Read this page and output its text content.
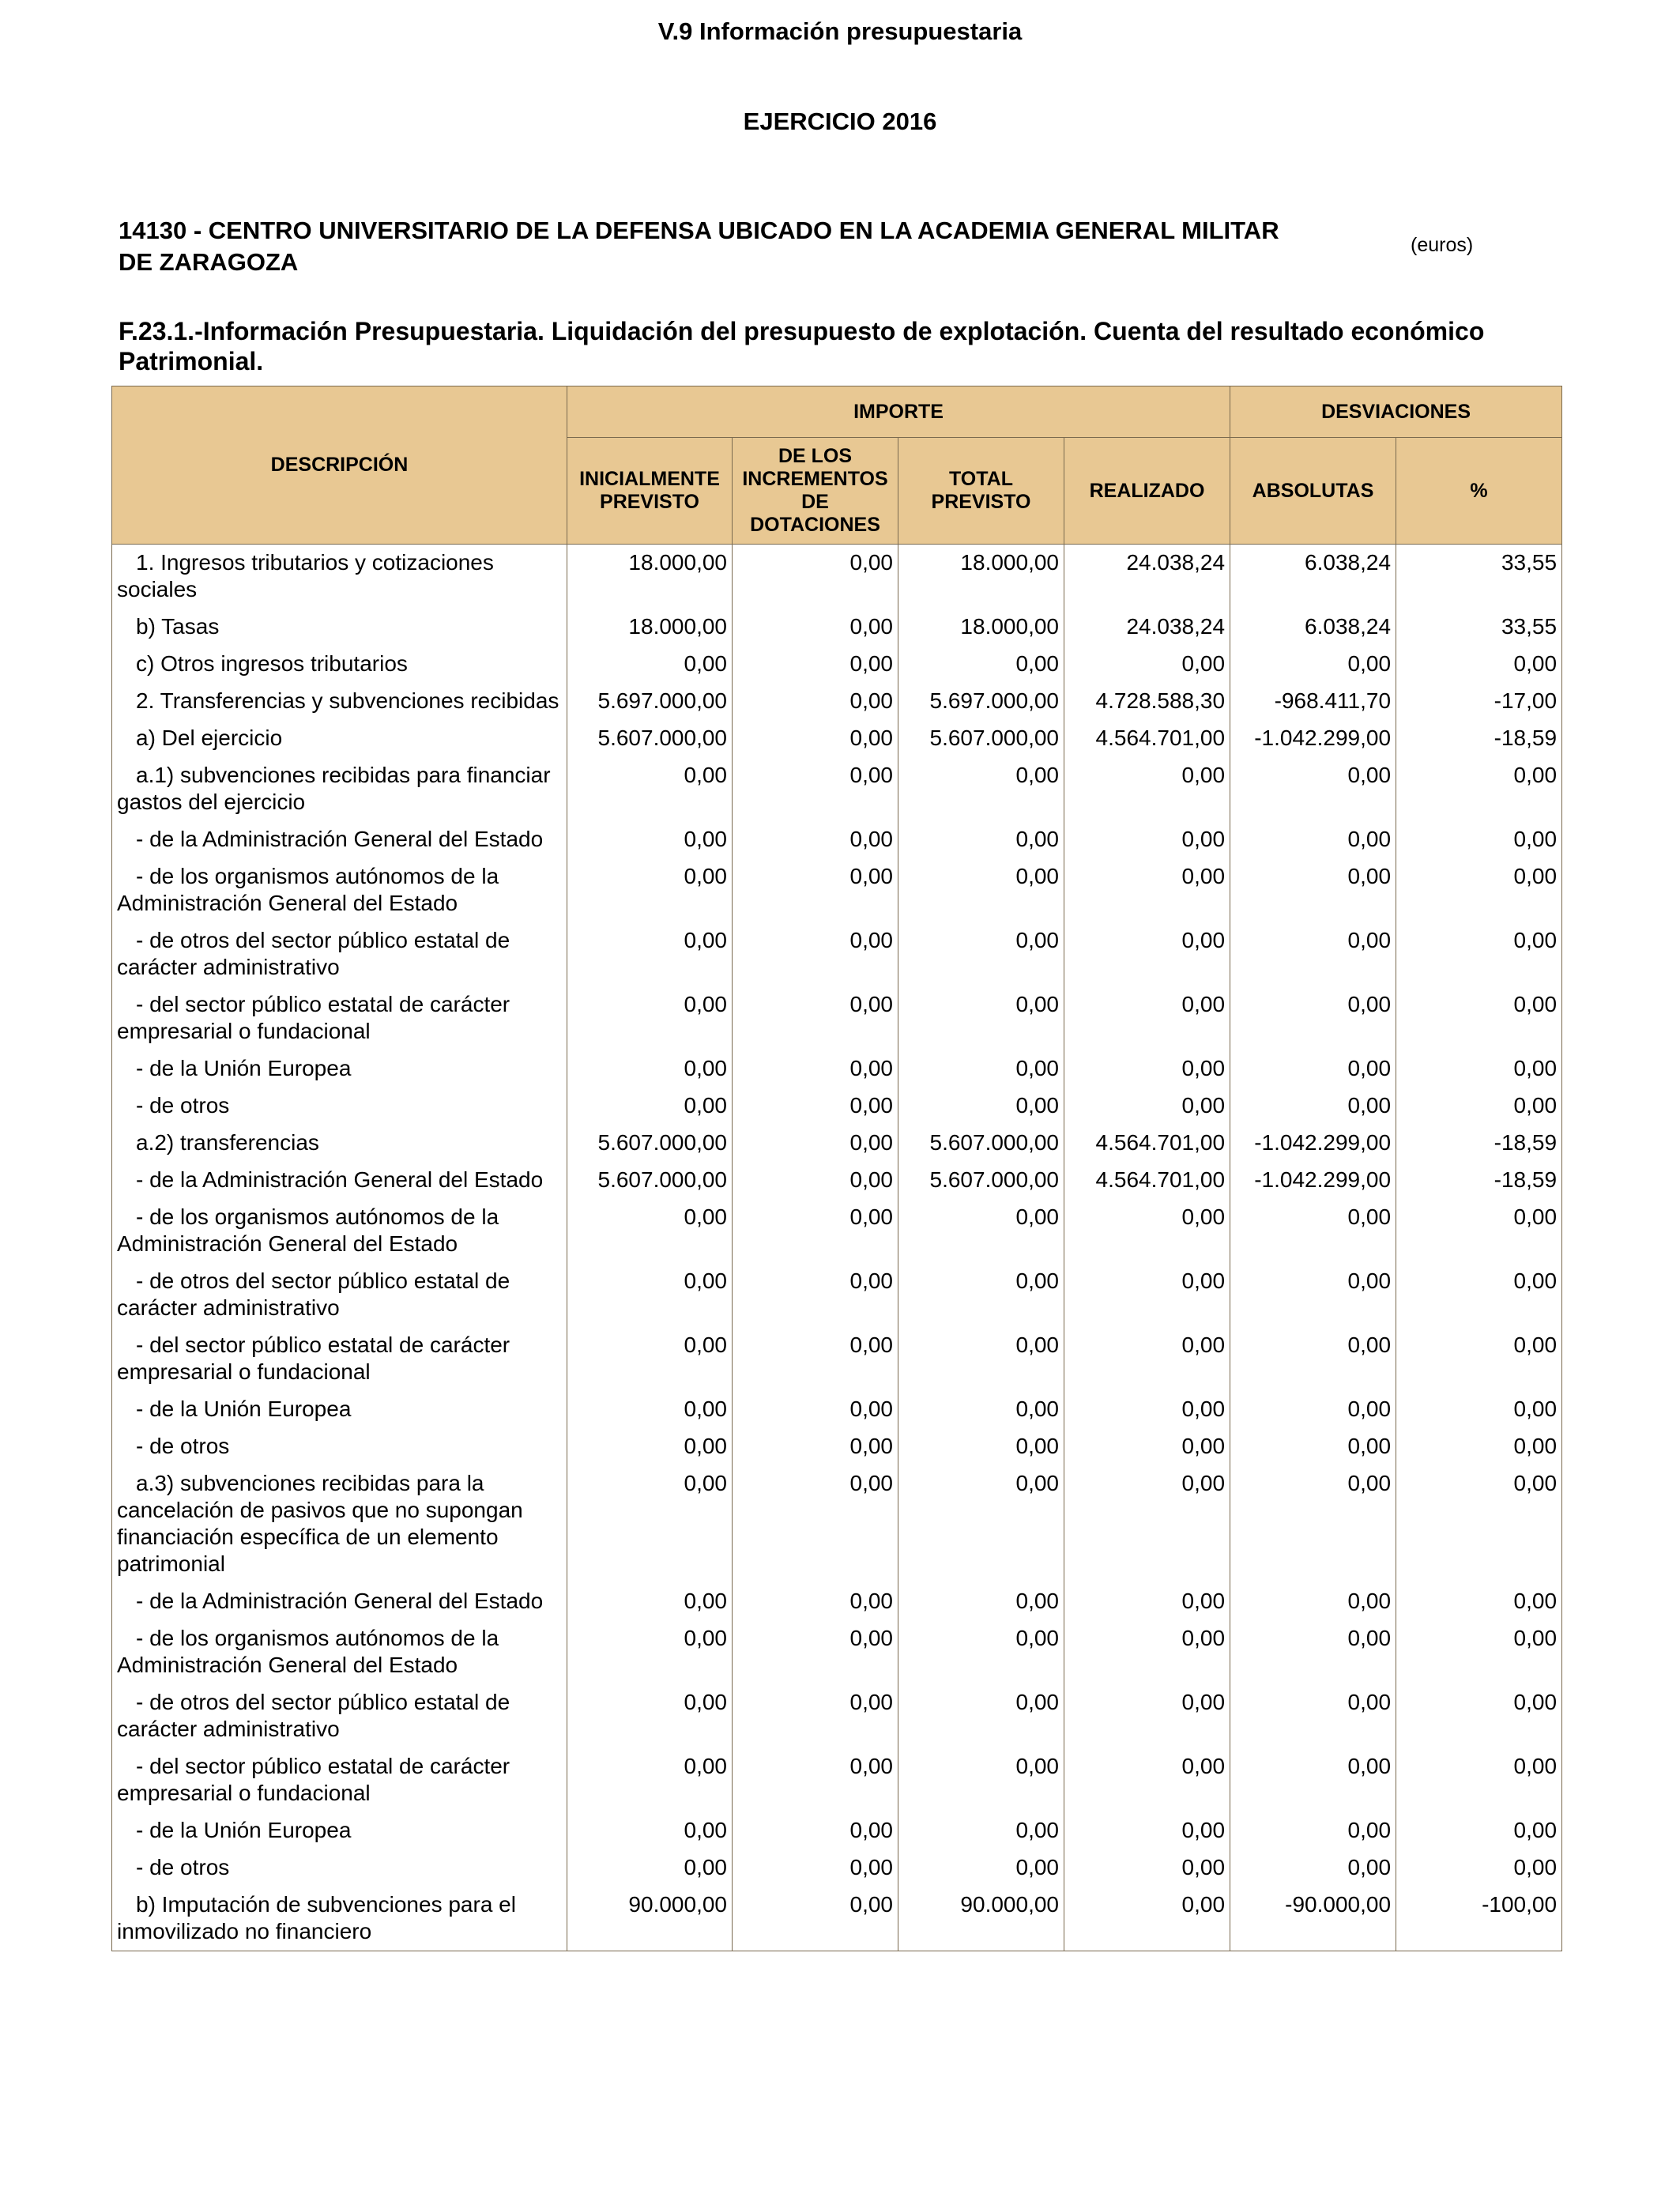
V.9 Información presupuestaria
EJERCICIO 2016
14130 - CENTRO UNIVERSITARIO DE LA DEFENSA UBICADO EN LA ACADEMIA GENERAL MILITAR DE ZARAGOZA
(euros)
F.23.1.-Información Presupuestaria. Liquidación del presupuesto de explotación. Cuenta del resultado económico Patrimonial.
DESCRIPCIÓN	IMPORTE				DESVIACIONES	
	INICIALMENTE PREVISTO	DE LOS INCREMENTOS DE DOTACIONES	TOTAL PREVISTO	REALIZADO	ABSOLUTAS	%
1. Ingresos tributarios y cotizaciones sociales	18.000,00	0,00	18.000,00	24.038,24	6.038,24	33,55
b) Tasas	18.000,00	0,00	18.000,00	24.038,24	6.038,24	33,55
c) Otros ingresos tributarios	0,00	0,00	0,00	0,00	0,00	0,00
2. Transferencias y subvenciones recibidas	5.697.000,00	0,00	5.697.000,00	4.728.588,30	-968.411,70	-17,00
a) Del ejercicio	5.607.000,00	0,00	5.607.000,00	4.564.701,00	-1.042.299,00	-18,59
a.1) subvenciones recibidas para financiar gastos del ejercicio	0,00	0,00	0,00	0,00	0,00	0,00
- de la Administración General del Estado	0,00	0,00	0,00	0,00	0,00	0,00
- de los organismos autónomos de la Administración General del Estado	0,00	0,00	0,00	0,00	0,00	0,00
- de otros del sector público estatal de carácter administrativo	0,00	0,00	0,00	0,00	0,00	0,00
- del sector público estatal de carácter empresarial o fundacional	0,00	0,00	0,00	0,00	0,00	0,00
- de la Unión Europea	0,00	0,00	0,00	0,00	0,00	0,00
- de otros	0,00	0,00	0,00	0,00	0,00	0,00
a.2) transferencias	5.607.000,00	0,00	5.607.000,00	4.564.701,00	-1.042.299,00	-18,59
- de la Administración General del Estado	5.607.000,00	0,00	5.607.000,00	4.564.701,00	-1.042.299,00	-18,59
- de los organismos autónomos de la Administración General del Estado	0,00	0,00	0,00	0,00	0,00	0,00
- de otros del sector público estatal de carácter administrativo	0,00	0,00	0,00	0,00	0,00	0,00
- del sector público estatal de carácter empresarial o fundacional	0,00	0,00	0,00	0,00	0,00	0,00
- de la Unión Europea	0,00	0,00	0,00	0,00	0,00	0,00
- de otros	0,00	0,00	0,00	0,00	0,00	0,00
a.3) subvenciones recibidas para la cancelación de pasivos que no supongan financiación específica de un elemento patrimonial	0,00	0,00	0,00	0,00	0,00	0,00
- de la Administración General del Estado	0,00	0,00	0,00	0,00	0,00	0,00
- de los organismos autónomos de la Administración General del Estado	0,00	0,00	0,00	0,00	0,00	0,00
- de otros del sector público estatal de carácter administrativo	0,00	0,00	0,00	0,00	0,00	0,00
- del sector público estatal de carácter empresarial o fundacional	0,00	0,00	0,00	0,00	0,00	0,00
- de la Unión Europea	0,00	0,00	0,00	0,00	0,00	0,00
- de otros	0,00	0,00	0,00	0,00	0,00	0,00
b) Imputación de subvenciones para el inmovilizado no financiero	90.000,00	0,00	90.000,00	0,00	-90.000,00	-100,00
